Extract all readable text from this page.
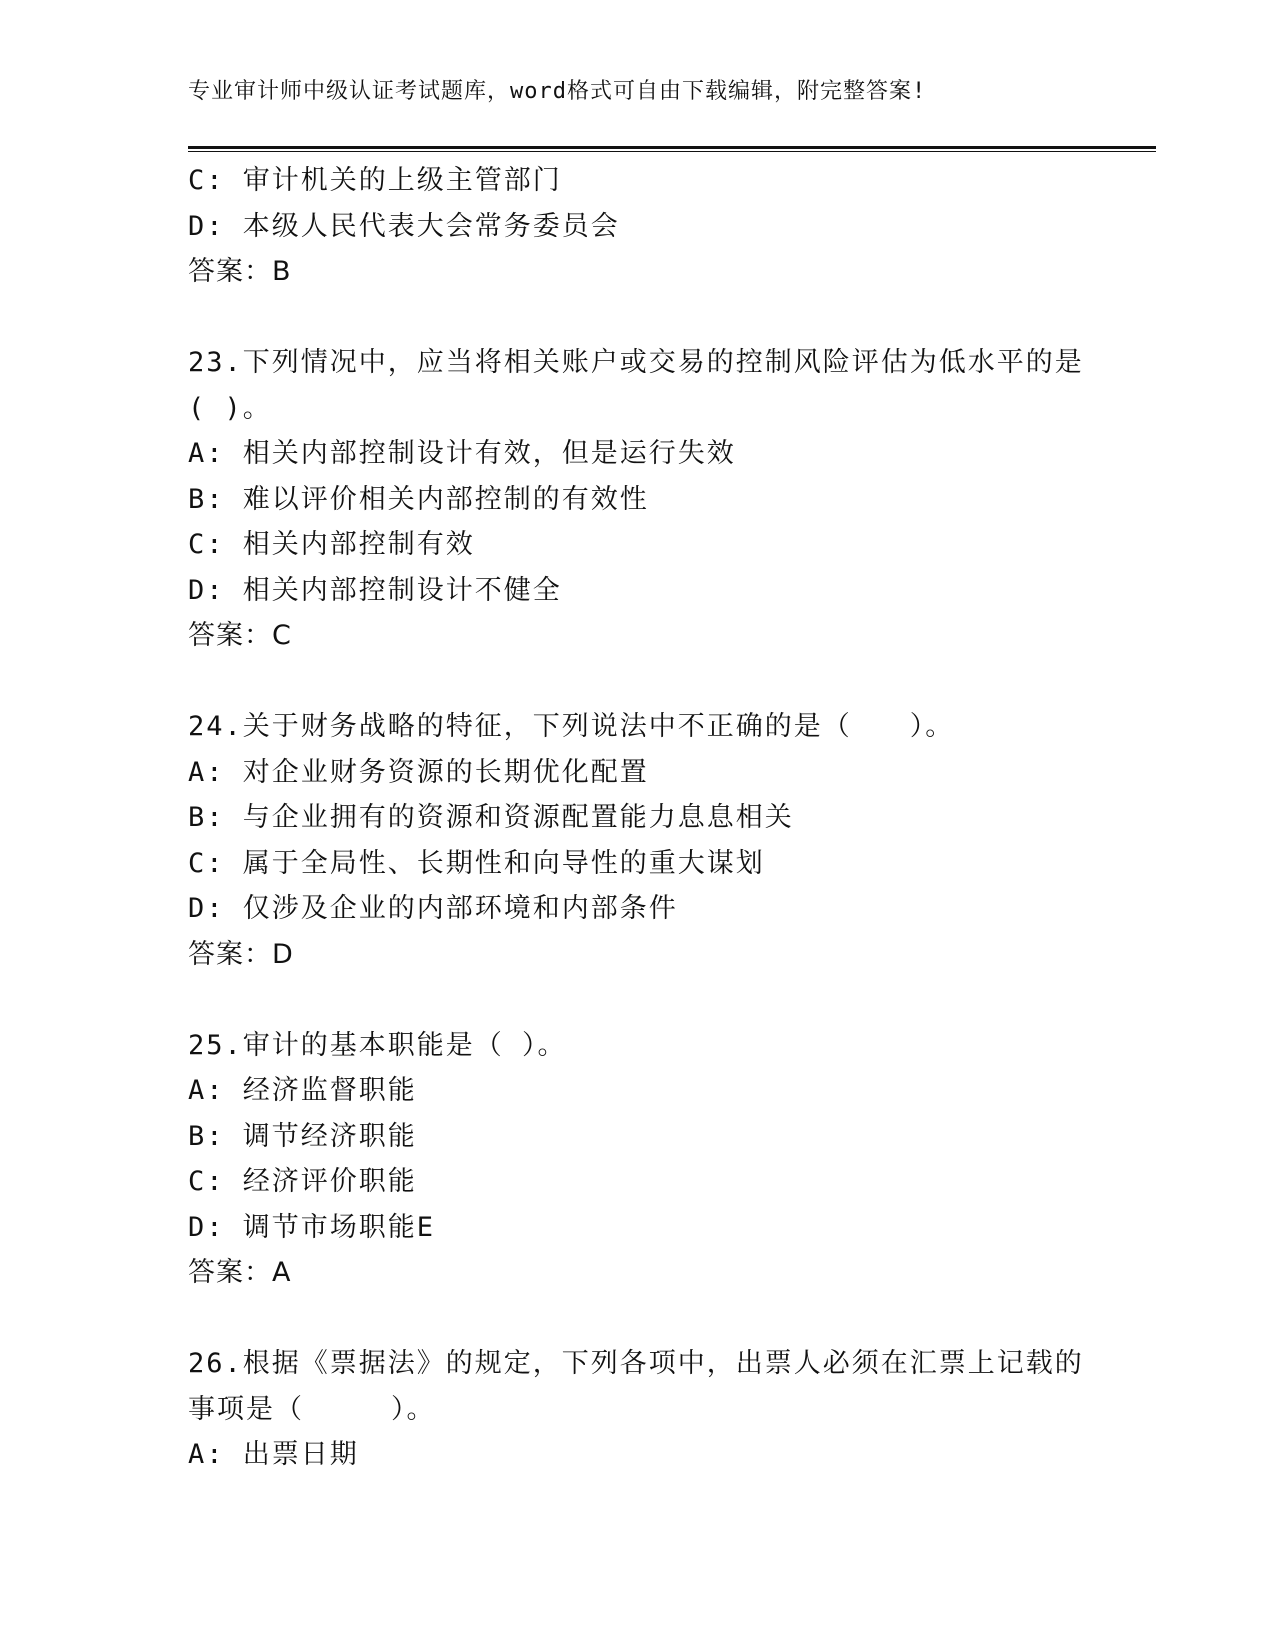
专业审计师中级认证考试题库，word格式可自由下载编辑，附完整答案!

C: 审计机关的上级主管部门

D: 本级人民代表大会常务委员会

答案：B

23.下列情况中，应当将相关账户或交易的控制风险评估为低水平的是

( )。

A: 相关内部控制设计有效，但是运行失效

B: 难以评价相关内部控制的有效性

C: 相关内部控制有效

D: 相关内部控制设计不健全

答案：C

24.关于财务战略的特征，下列说法中不正确的是（　　）。

A: 对企业财务资源的长期优化配置

B: 与企业拥有的资源和资源配置能力息息相关

C: 属于全局性、长期性和向导性的重大谋划

D: 仅涉及企业的内部环境和内部条件

答案：D

25.审计的基本职能是（ ）。

A: 经济监督职能

B: 调节经济职能

C: 经济评价职能

D: 调节市场职能E

答案：A

26.根据《票据法》的规定，下列各项中，出票人必须在汇票上记载的

事项是（　　　）。

A: 出票日期
